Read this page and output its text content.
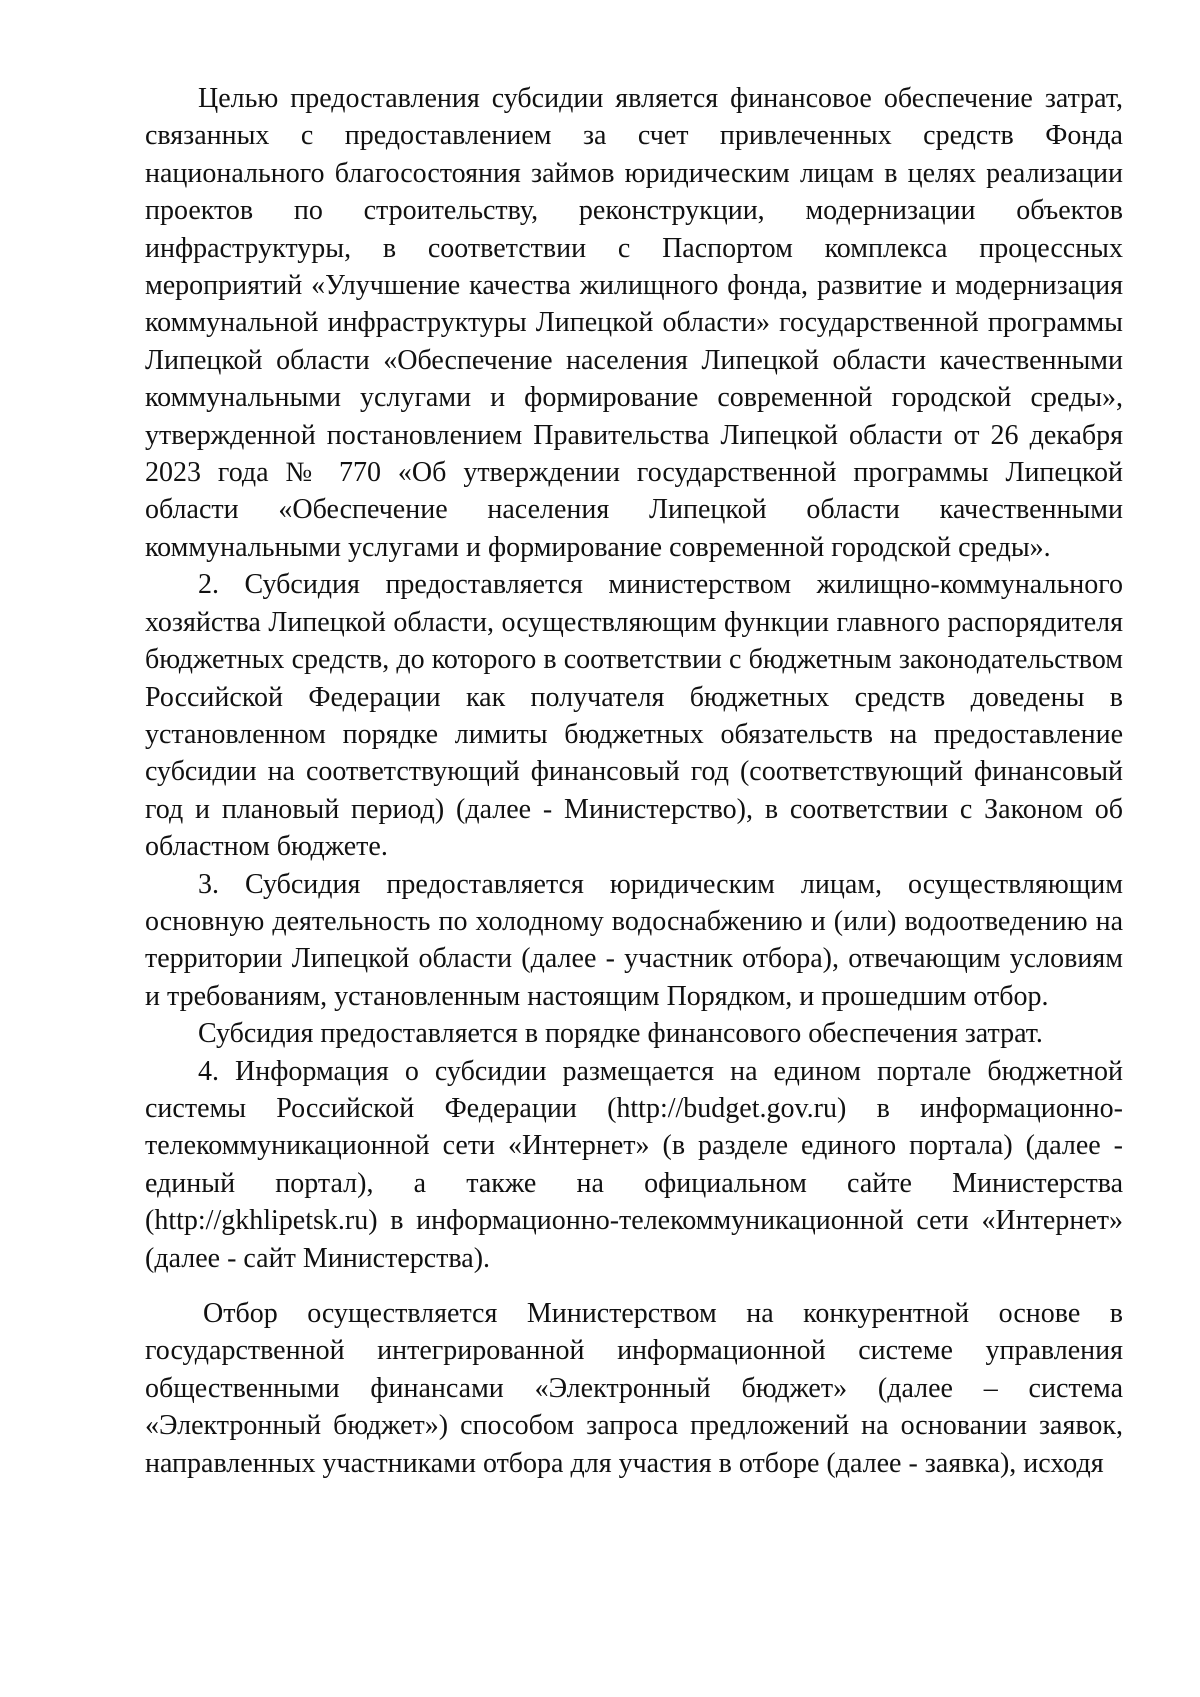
Целью предоставления субсидии является финансовое обеспечение затрат, связанных с предоставлением за счет привлеченных средств Фонда национального благосостояния займов юридическим лицам в целях реализации проектов по строительству, реконструкции, модернизации объектов инфраструктуры, в соответствии с Паспортом комплекса процессных мероприятий «Улучшение качества жилищного фонда, развитие и модернизация коммунальной инфраструктуры Липецкой области» государственной программы Липецкой области «Обеспечение населения Липецкой области качественными коммунальными услугами и формирование современной городской среды», утвержденной постановлением Правительства Липецкой области от 26 декабря 2023 года № 770 «Об утверждении государственной программы Липецкой области «Обеспечение населения Липецкой области качественными коммунальными услугами и формирование современной городской среды».

2. Субсидия предоставляется министерством жилищно-коммунального хозяйства Липецкой области, осуществляющим функции главного распорядителя бюджетных средств, до которого в соответствии с бюджетным законодательством Российской Федерации как получателя бюджетных средств доведены в установленном порядке лимиты бюджетных обязательств на предоставление субсидии на соответствующий финансовый год (соответствующий финансовый год и плановый период) (далее - Министерство), в соответствии с Законом об областном бюджете.

3. Субсидия предоставляется юридическим лицам, осуществляющим основную деятельность по холодному водоснабжению и (или) водоотведению на территории Липецкой области (далее - участник отбора), отвечающим условиям и требованиям, установленным настоящим Порядком, и прошедшим отбор.

Субсидия предоставляется в порядке финансового обеспечения затрат.

4. Информация о субсидии размещается на едином портале бюджетной системы Российской Федерации (http://budget.gov.ru) в информационно-телекоммуникационной сети «Интернет» (в разделе единого портала) (далее - единый портал), а также на официальном сайте Министерства (http://gkhlipetsk.ru) в информационно-телекоммуникационной сети «Интернет» (далее - сайт Министерства).

Отбор осуществляется Министерством на конкурентной основе в государственной интегрированной информационной системе управления общественными финансами «Электронный бюджет» (далее – система «Электронный бюджет») способом запроса предложений на основании заявок, направленных участниками отбора для участия в отборе (далее - заявка), исходя
